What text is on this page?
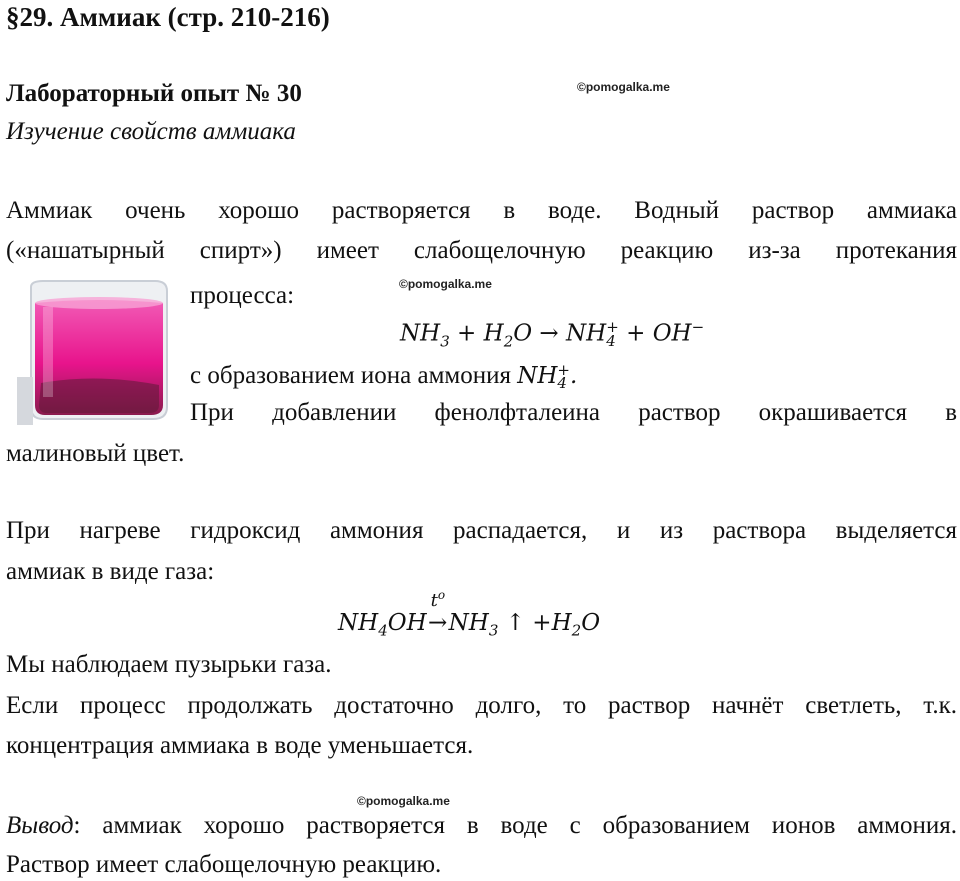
§29. Аммиак (стр. 210-216)
Лабораторный опыт № 30	©pomogalka.me
Изучение свойств аммиака
Аммиак очень хорошо растворяется в воде. Водный раствор аммиака
(«нашатырный спирт») имеет слабощелочную реакцию из-за протекания
процесса:	©pomogalka.me
$NH_3 + H_2O$ → NH +
4 + OH−
с образованием иона аммония NH +
4 .
При добавлении фенолфталеина раствор окрашивается в
малиновый цвет.
При нагреве гидроксид аммония распадается, и из раствора выделяется
аммиак в виде газа:
$NH_4OH$
$t^o$
$\to NH_3$ ↑ $+H_2O$
Мы наблюдаем пузырьки газа.
Если процесс продолжать достаточно долго, то раствор начнёт светлеть, т.к.
концентрация аммиака в воде уменьшается.
©pomogalka.me
Вывод: аммиак хорошо растворяется в воде с образованием ионов аммония.
Раствор имеет слабощелочную реакцию.
